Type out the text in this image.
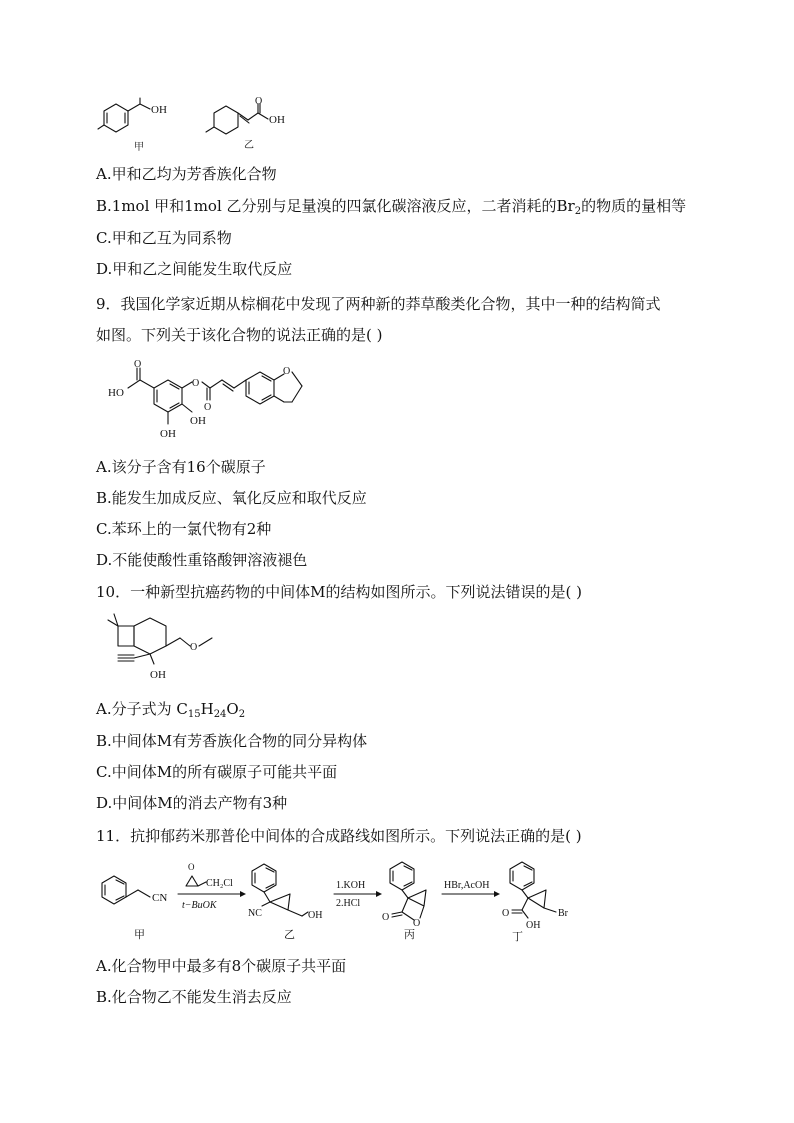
OH
甲
O
OH
乙
A.甲和乙均为芳香族化合物
B.1mol 甲和1mol 乙分别与足量溴的四氯化碳溶液反应，二者消耗的$Br_2$的物质的量相等
C.甲和乙互为同系物
D.甲和乙之间能发生取代反应
9．我国化学家近期从棕榈花中发现了两种新的莽草酸类化合物，其中一种的结构简式
如图。下列关于该化合物的说法正确的是( )
O
HO
OH
OH
O
O
O
A.该分子含有16个碳原子
B.能发生加成反应、氧化反应和取代反应
C.苯环上的一氯代物有2种
D.不能使酸性重铬酸钾溶液褪色
10．一种新型抗癌药物的中间体M的结构如图所示。下列说法错误的是( )
O
OH
A.分子式为 $C_{15}H_{24}O_2$
B.中间体M有芳香族化合物的同分异构体
C.中间体M的所有碳原子可能共平面
D.中间体M的消去产物有3种
11．抗抑郁药米那普伦中间体的合成路线如图所示。下列说法正确的是( )
CN
甲
O
CH₂Cl
t−BuOK
NC	OH
乙
1.KOH
2.HCl
O
O
丙
HBr,AcOH
Br
O
OH
丁
A.化合物甲中最多有8个碳原子共平面
B.化合物乙不能发生消去反应
